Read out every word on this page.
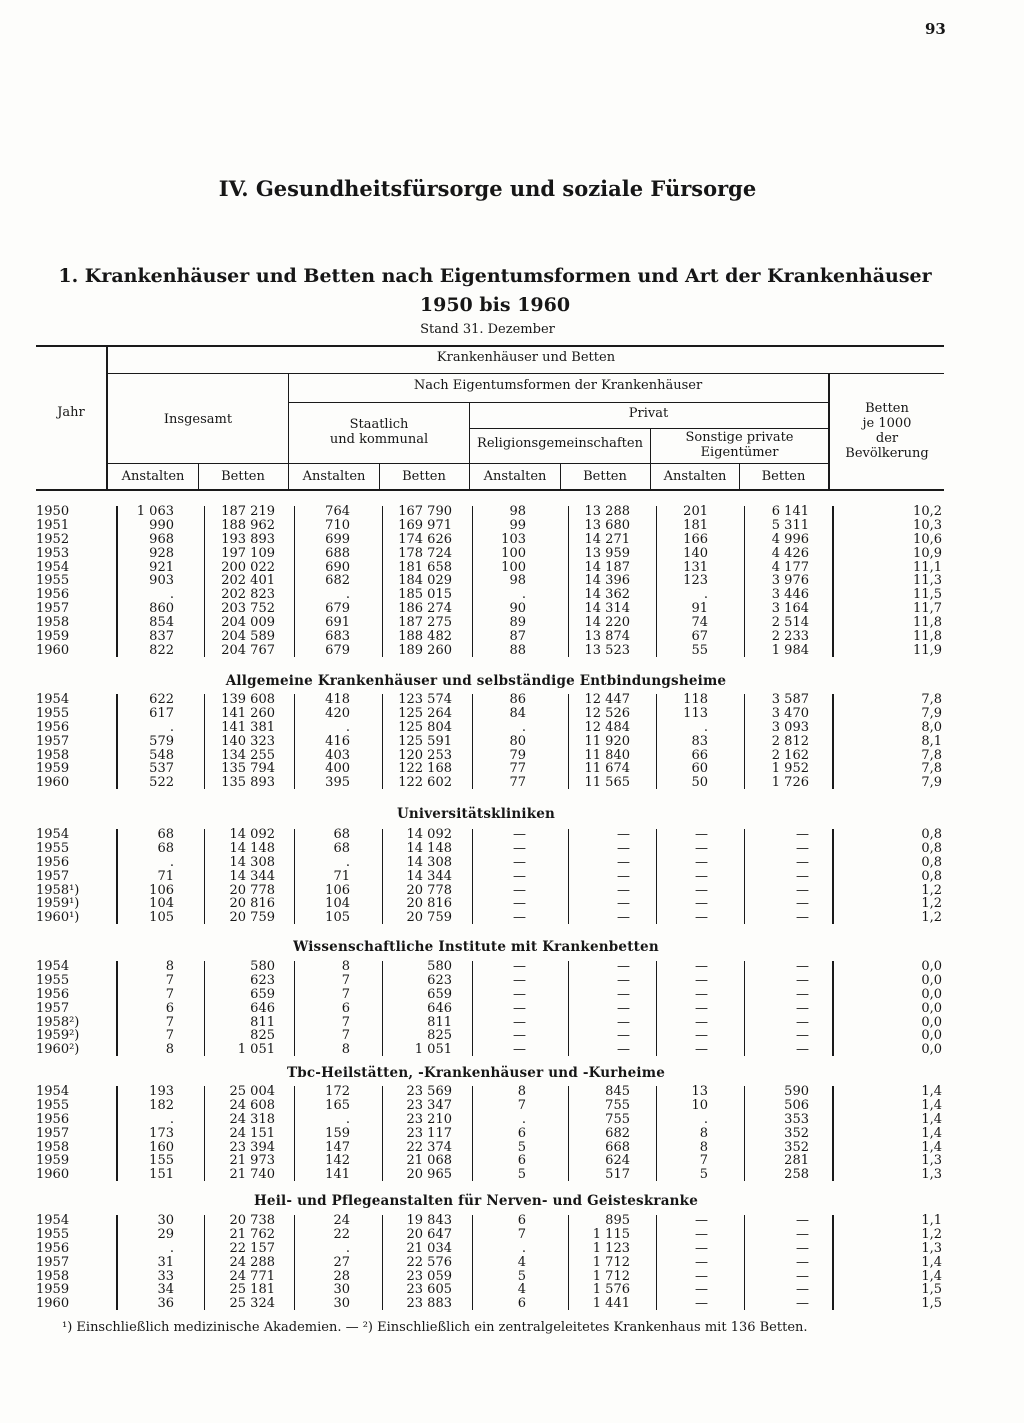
93
IV. Gesundheitsfürsorge und soziale Fürsorge
1. Krankenhäuser und Betten nach Eigentumsformen und Art der Krankenhäuser
1950 bis 1960
Stand 31. Dezember
Krankenhäuser und Betten
Jahr	Insgesamt
Nach Eigentumsformen der Krankenhäuser
Staatlich
und kommunal
Privat
Religionsgemeinschaften	Sonstige private
Eigentümer
Betten
je 1000
der
Bevölkerung
Anstalten	Betten	Anstalten	Betten	Anstalten	Betten	Anstalten	Betten
1950	1 063	187 219	764	167 790	98	13 288	201	6 141	10,2
1951	990	188 962	710	169 971	99	13 680	181	5 311	10,3
1952	968	193 893	699	174 626	103	14 271	166	4 996	10,6
1953	928	197 109	688	178 724	100	13 959	140	4 426	10,9
1954	921	200 022	690	181 658	100	14 187	131	4 177	11,1
1955	903	202 401	682	184 029	98	14 396	123	3 976	11,3
1956	.	202 823	.	185 015	.	14 362	.	3 446	11,5
1957	860	203 752	679	186 274	90	14 314	91	3 164	11,7
1958	854	204 009	691	187 275	89	14 220	74	2 514	11,8
1959	837	204 589	683	188 482	87	13 874	67	2 233	11,8
1960	822	204 767	679	189 260	88	13 523	55	1 984	11,9
Allgemeine Krankenhäuser und selbständige Entbindungsheime
1954	622	139 608	418	123 574	86	12 447	118	3 587	7,8
1955	617	141 260	420	125 264	84	12 526	113	3 470	7,9
1956	.	141 381	.	125 804	.	12 484	.	3 093	8,0
1957	579	140 323	416	125 591	80	11 920	83	2 812	8,1
1958	548	134 255	403	120 253	79	11 840	66	2 162	7,8
1959	537	135 794	400	122 168	77	11 674	60	1 952	7,8
1960	522	135 893	395	122 602	77	11 565	50	1 726	7,9
Universitätskliniken
1954	68	14 092	68	14 092	—	—	—	—	0,8
1955	68	14 148	68	14 148	—	—	—	—	0,8
1956	.	14 308	.	14 308	—	—	—	—	0,8
1957	71	14 344	71	14 344	—	—	—	—	0,8
1958¹)	106	20 778	106	20 778	—	—	—	—	1,2
1959¹)	104	20 816	104	20 816	—	—	—	—	1,2
1960¹)	105	20 759	105	20 759	—	—	—	—	1,2
Wissenschaftliche Institute mit Krankenbetten
1954	8	580	8	580	—	—	—	—	0,0
1955	7	623	7	623	—	—	—	—	0,0
1956	7	659	7	659	—	—	—	—	0,0
1957	6	646	6	646	—	—	—	—	0,0
1958²)	7	811	7	811	—	—	—	—	0,0
1959²)	7	825	7	825	—	—	—	—	0,0
1960²)	8	1 051	8	1 051	—	—	—	—	0,0
Tbc-Heilstätten, -Krankenhäuser und -Kurheime
1954	193	25 004	172	23 569	8	845	13	590	1,4
1955	182	24 608	165	23 347	7	755	10	506	1,4
1956	.	24 318	.	23 210	.	755	.	353	1,4
1957	173	24 151	159	23 117	6	682	8	352	1,4
1958	160	23 394	147	22 374	5	668	8	352	1,4
1959	155	21 973	142	21 068	6	624	7	281	1,3
1960	151	21 740	141	20 965	5	517	5	258	1,3
Heil- und Pflegeanstalten für Nerven- und Geisteskranke
1954	30	20 738	24	19 843	6	895	—	—	1,1
1955	29	21 762	22	20 647	7	1 115	—	—	1,2
1956	.	22 157	.	21 034	.	1 123	—	—	1,3
1957	31	24 288	27	22 576	4	1 712	—	—	1,4
1958	33	24 771	28	23 059	5	1 712	—	—	1,4
1959	34	25 181	30	23 605	4	1 576	—	—	1,5
1960	36	25 324	30	23 883	6	1 441	—	—	1,5
¹) Einschließlich medizinische Akademien. — ²) Einschließlich ein zentralgeleitetes Krankenhaus mit 136 Betten.
